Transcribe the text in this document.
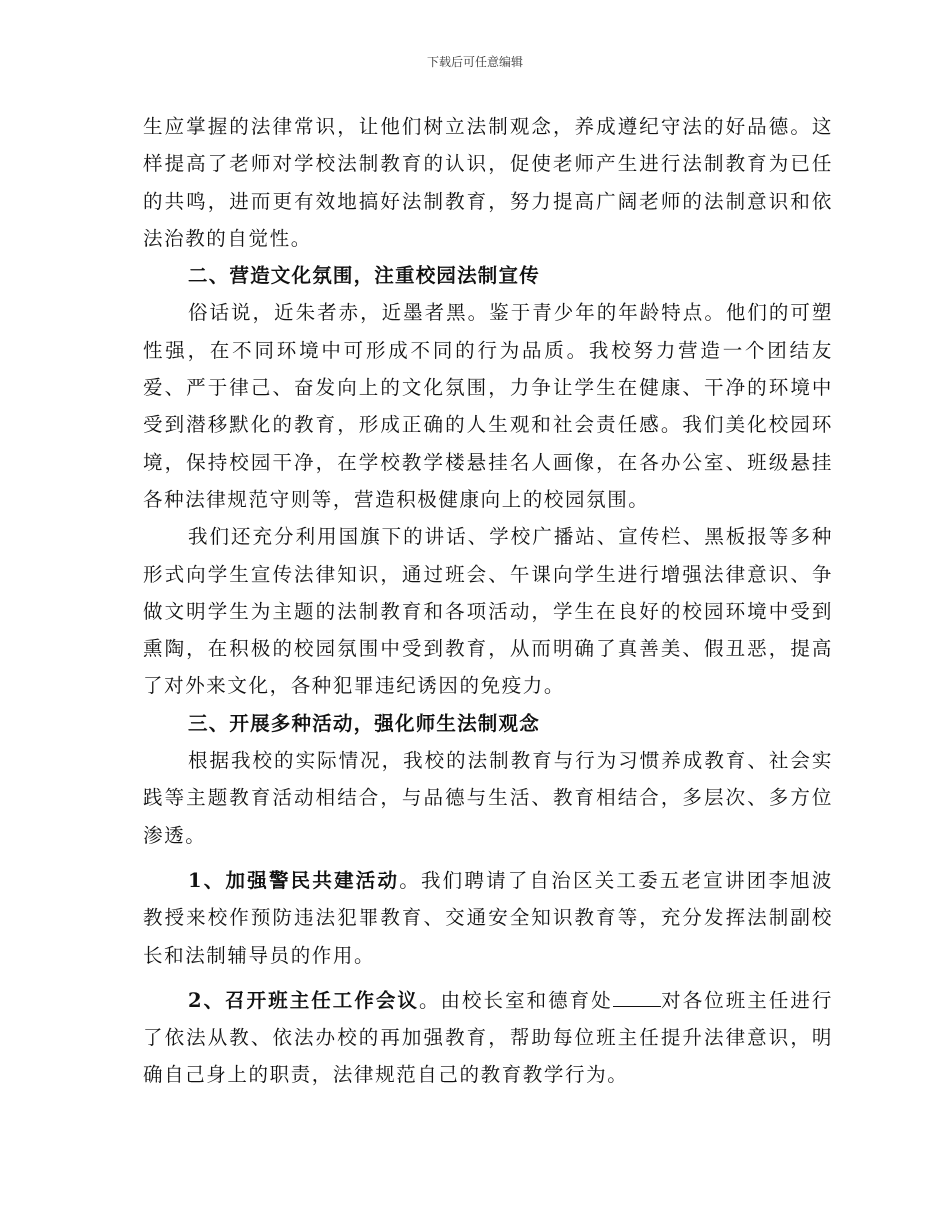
下载后可任意编辑

生应掌握的法律常识，让他们树立法制观念，养成遵纪守法的好品德。这样提高了老师对学校法制教育的认识，促使老师产生进行法制教育为已任的共鸣，进而更有效地搞好法制教育，努力提高广阔老师的法制意识和依法治教的自觉性。

二、营造文化氛围，注重校园法制宣传

俗话说，近朱者赤，近墨者黑。鉴于青少年的年龄特点。他们的可塑性强，在不同环境中可形成不同的行为品质。我校努力营造一个团结友爱、严于律己、奋发向上的文化氛围，力争让学生在健康、干净的环境中受到潜移默化的教育，形成正确的人生观和社会责任感。我们美化校园环境，保持校园干净，在学校教学楼悬挂名人画像，在各办公室、班级悬挂各种法律规范守则等，营造积极健康向上的校园氛围。

我们还充分利用国旗下的讲话、学校广播站、宣传栏、黑板报等多种形式向学生宣传法律知识，通过班会、午课向学生进行增强法律意识、争做文明学生为主题的法制教育和各项活动，学生在良好的校园环境中受到熏陶，在积极的校园氛围中受到教育，从而明确了真善美、假丑恶，提高了对外来文化，各种犯罪违纪诱因的免疫力。

三、开展多种活动，强化师生法制观念

根据我校的实际情况，我校的法制教育与行为习惯养成教育、社会实践等主题教育活动相结合，与品德与生活、教育相结合，多层次、多方位渗透。

1、加强警民共建活动。我们聘请了自治区关工委五老宣讲团李旭波教授来校作预防违法犯罪教育、交通安全知识教育等，充分发挥法制副校长和法制辅导员的作用。

2、召开班主任工作会议。由校长室和德育处 对各位班主任进行了依法从教、依法办校的再加强教育，帮助每位班主任提升法律意识，明确自己身上的职责，法律规范自己的教育教学行为。
